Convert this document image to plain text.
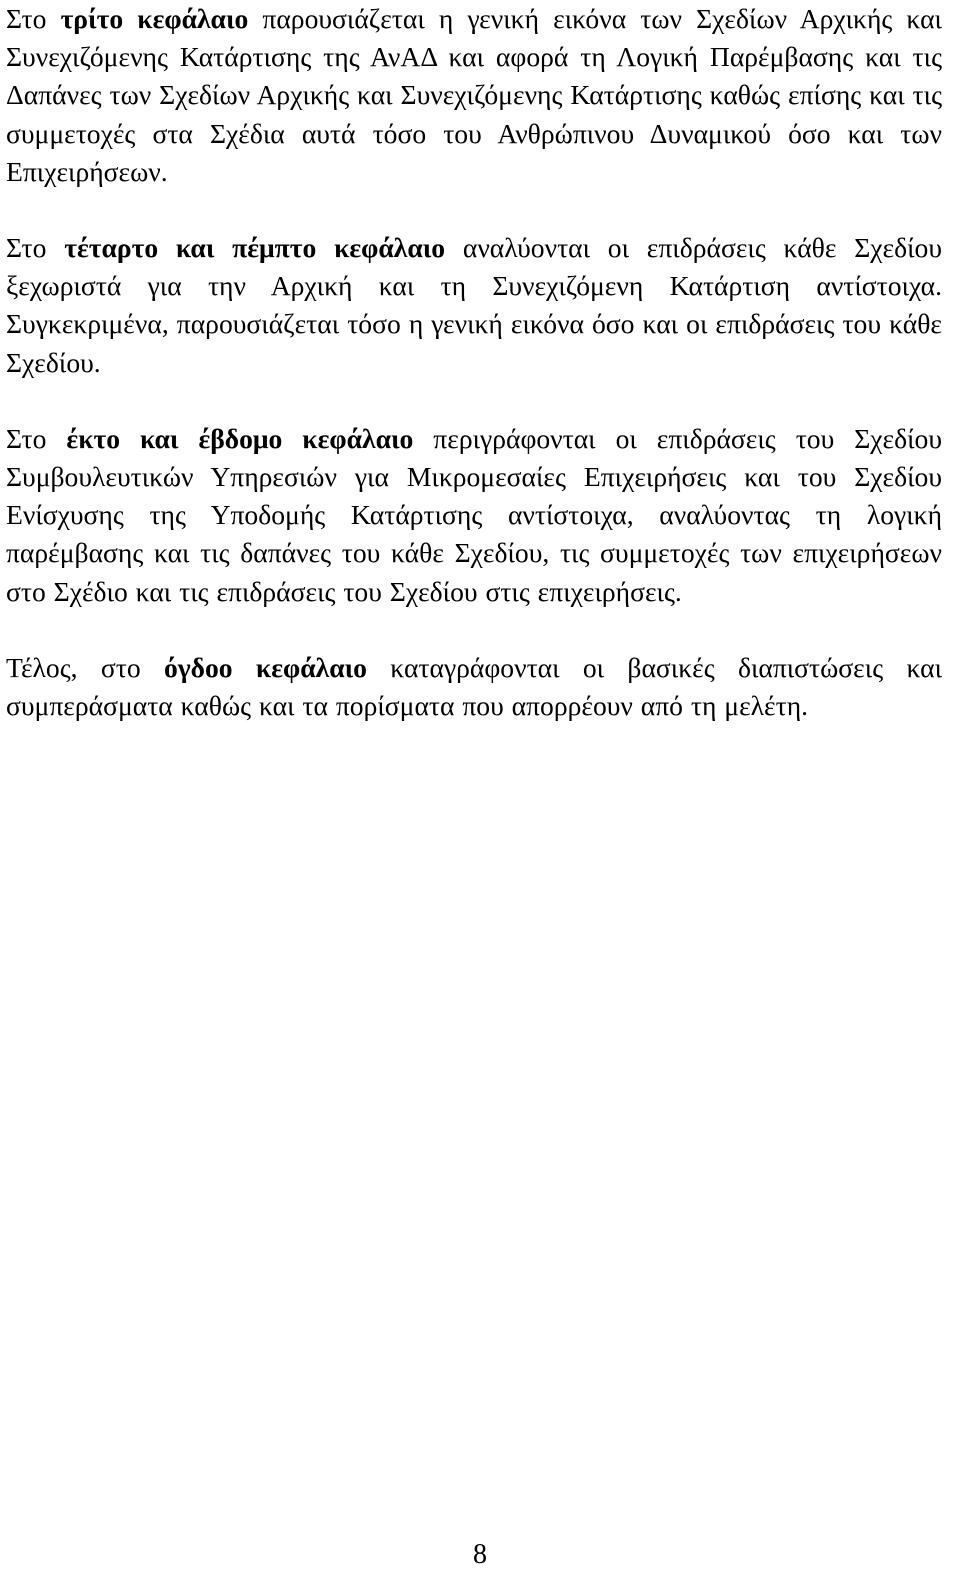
Στο τρίτο κεφάλαιο παρουσιάζεται η γενική εικόνα των Σχεδίων Αρχικής και Συνεχιζόμενης Κατάρτισης της ΑνΑΔ και αφορά τη Λογική Παρέμβασης και τις Δαπάνες των Σχεδίων Αρχικής και Συνεχιζόμενης Κατάρτισης καθώς επίσης και τις συμμετοχές στα Σχέδια αυτά τόσο του Ανθρώπινου Δυναμικού όσο και των Επιχειρήσεων.

Στο τέταρτο και πέμπτο κεφάλαιο αναλύονται οι επιδράσεις κάθε Σχεδίου ξεχωριστά για την Αρχική και τη Συνεχιζόμενη Κατάρτιση αντίστοιχα. Συγκεκριμένα, παρουσιάζεται τόσο η γενική εικόνα όσο και οι επιδράσεις του κάθε Σχεδίου.

Στο έκτο και έβδομο κεφάλαιο περιγράφονται οι επιδράσεις του Σχεδίου Συμβουλευτικών Υπηρεσιών για Μικρομεσαίες Επιχειρήσεις και του Σχεδίου Ενίσχυσης της Υποδομής Κατάρτισης αντίστοιχα, αναλύοντας τη λογική παρέμβασης και τις δαπάνες του κάθε Σχεδίου, τις συμμετοχές των επιχειρήσεων στο Σχέδιο και τις επιδράσεις του Σχεδίου στις επιχειρήσεις.

Τέλος, στο όγδοο κεφάλαιο καταγράφονται οι βασικές διαπιστώσεις και συμπεράσματα καθώς και τα πορίσματα που απορρέουν από τη μελέτη.

8
